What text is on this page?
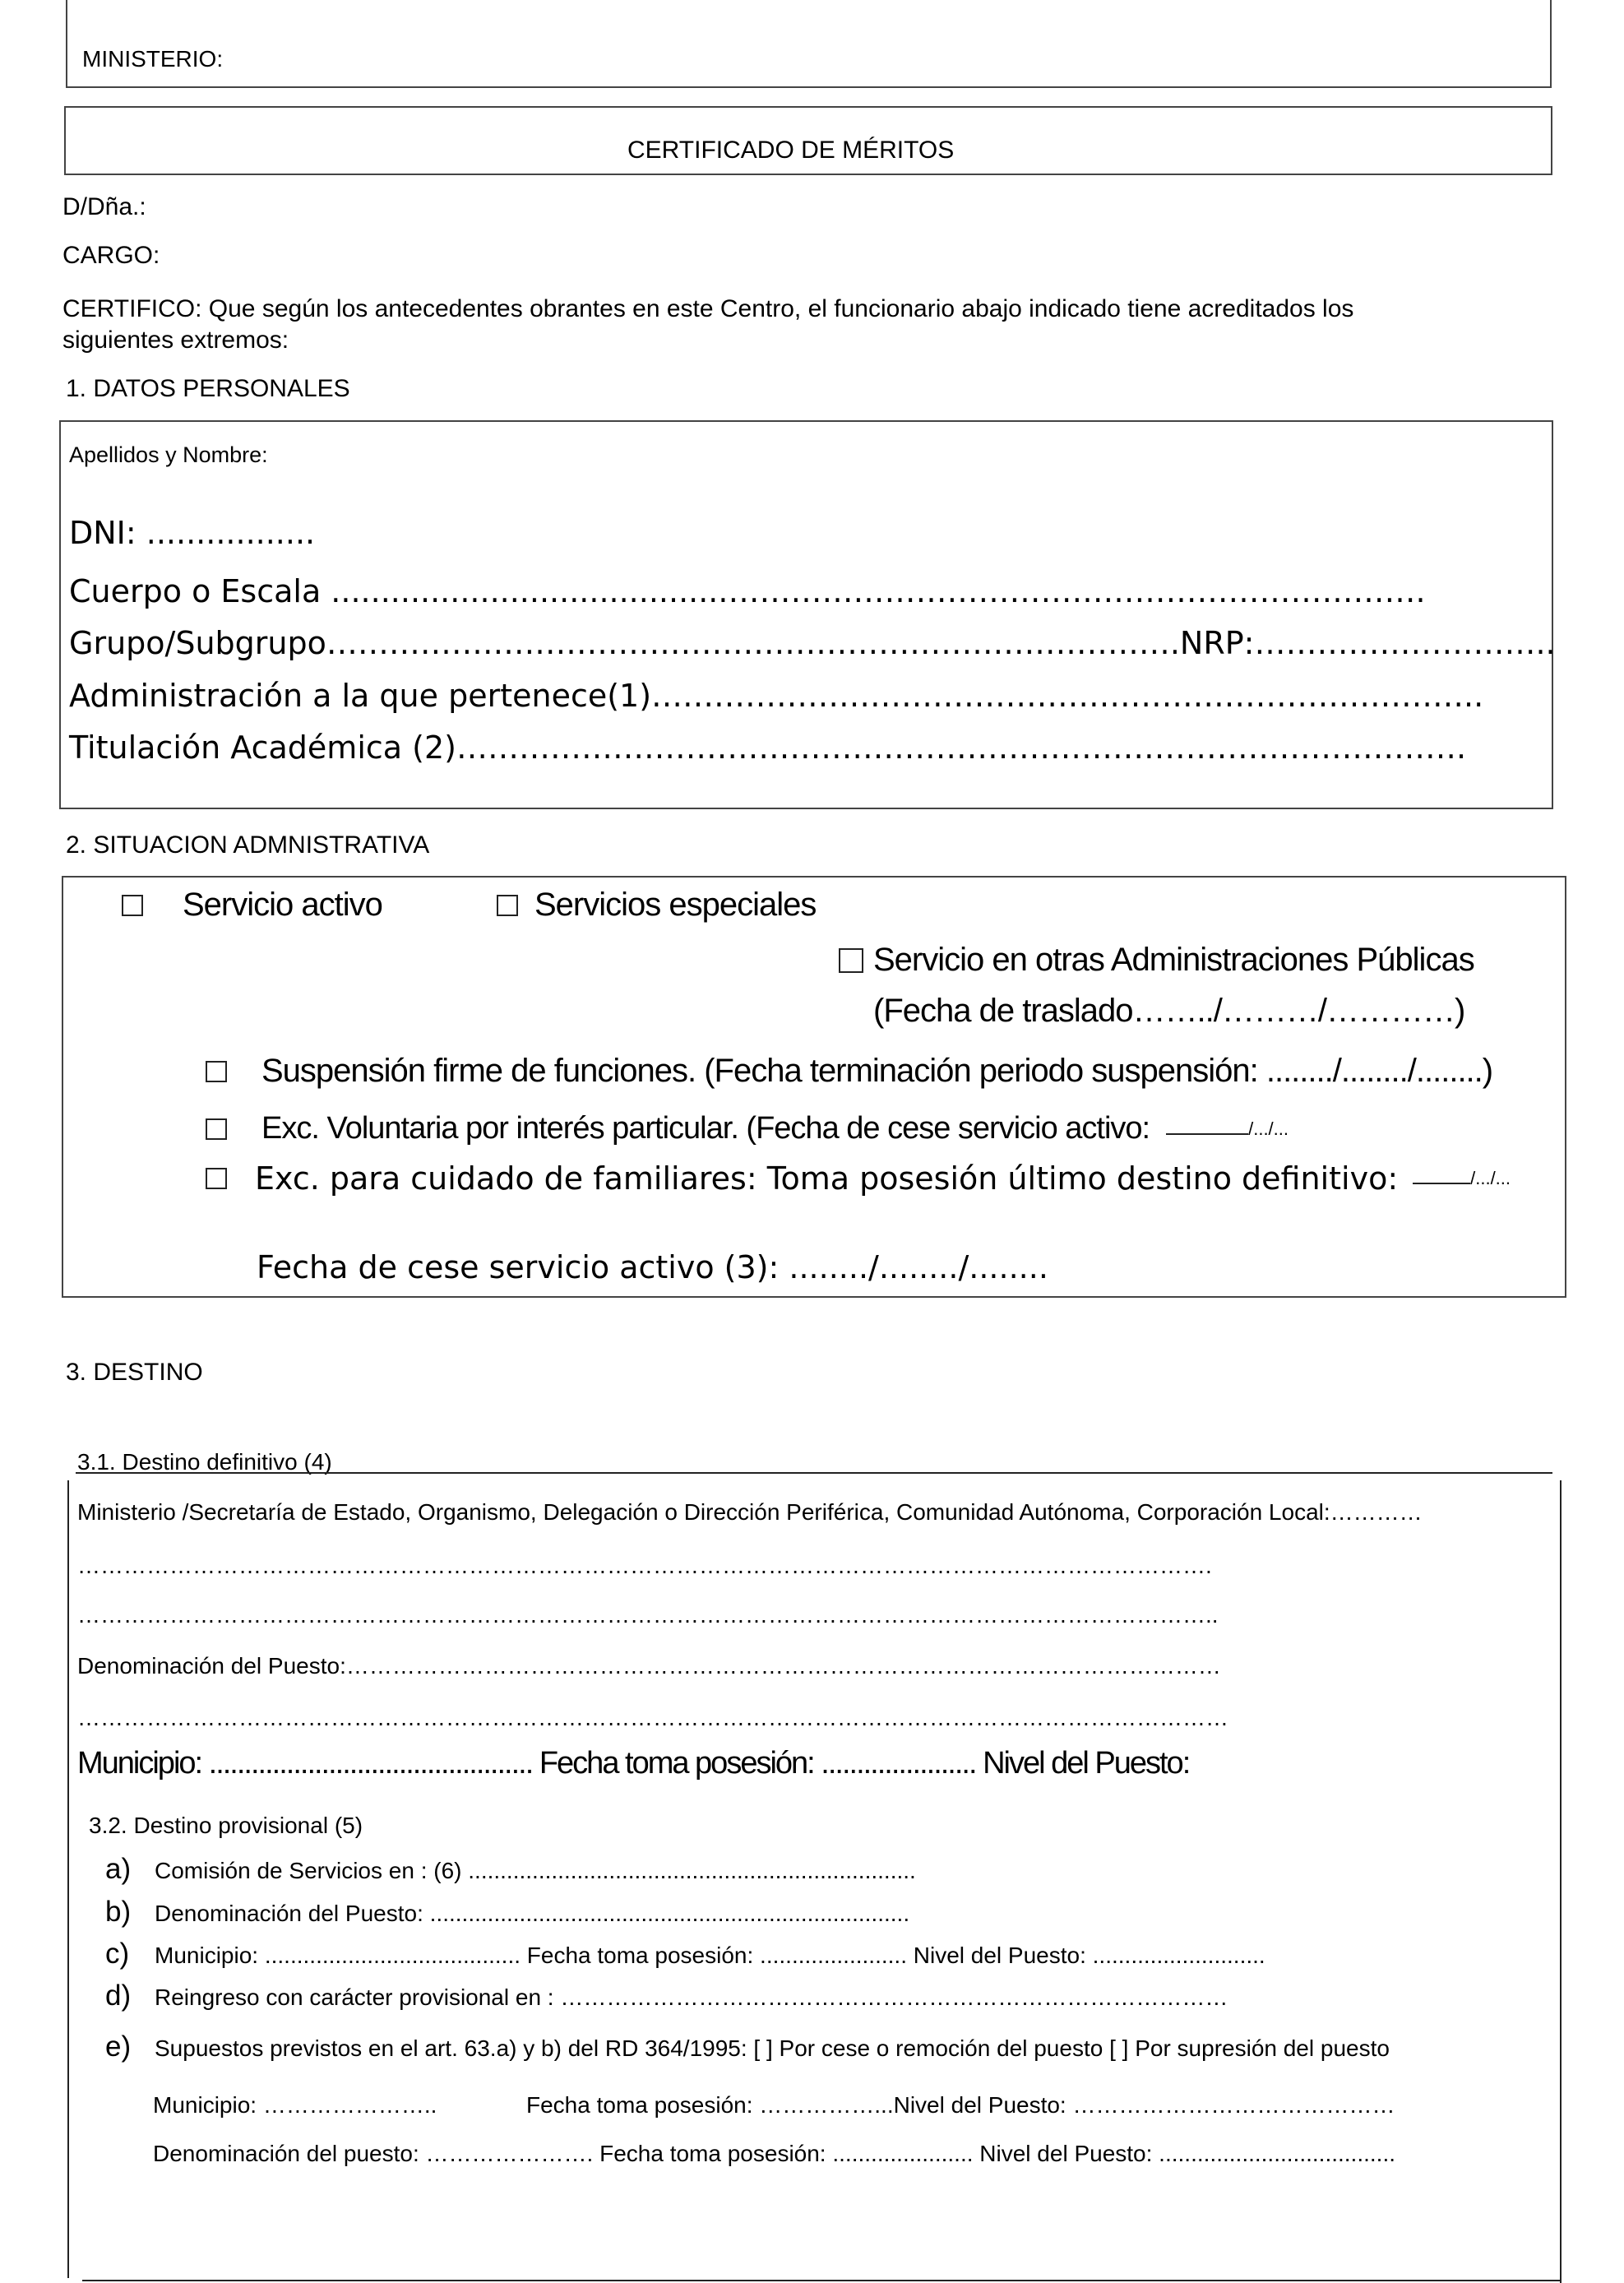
MINISTERIO:
CERTIFICADO DE MÉRITOS
D/Dña.:
CARGO:
CERTIFICO: Que según los antecedentes obrantes en este Centro, el funcionario abajo indicado tiene acreditados los
siguientes extremos:
1. DATOS PERSONALES
Apellidos y Nombre:
DNI: .................
Cuerpo o Escala ........................................………………………………………………………….
Grupo/Subgrupo……………………………………………………………………….NRP:………………………..
Administración a la que pertenece(1)……………………………………………………………………..
Titulación Académica (2)…………………………………………………………………………………….
2. SITUACION ADMNISTRATIVA
Servicio activo	Servicios especiales
Servicio en otras Administraciones Públicas
(Fecha de traslado……../………/…………)
Suspensión firme de funciones. (Fecha terminación periodo suspensión: ......../......../........)
Exc. Voluntaria por interés particular. (Fecha de cese servicio activo:	/.../...
Exc. para cuidado de familiares: Toma posesión último destino definitivo:	/.../...
Fecha de cese servicio activo (3): ......../......../........
3. DESTINO
3.1. Destino definitivo (4)
Ministerio /Secretaría de Estado, Organismo, Delegación o Dirección Periférica, Comunidad Autónoma, Corporación Local:…………
………………………………………………………………………………………………………………………………….
…………………………………………………………………………………………………………………………………..
Denominación del Puesto:……………………………………………………………………………………………………
……………………………………………………………………………………………………………………………………
Municipio: .............................................. Fecha toma posesión: ...................... Nivel del Puesto:
3.2. Destino provisional (5)
a) Comisión de Servicios en : (6) ......................................................................
b) Denominación del Puesto: ...........................................................................
c) Municipio: ........................................ Fecha toma posesión: ....................... Nivel del Puesto: ...........................
d) Reingreso con carácter provisional en : ……………………………………………………………………………
e) Supuestos previstos en el art. 63.a) y b) del RD 364/1995: [ ] Por cese o remoción del puesto [ ] Por supresión del puesto
Municipio: …………………..	Fecha toma posesión: ……………...Nivel del Puesto: ……………………………………
Denominación del puesto: …………………. Fecha toma posesión: ...................... Nivel del Puesto: .....................................
